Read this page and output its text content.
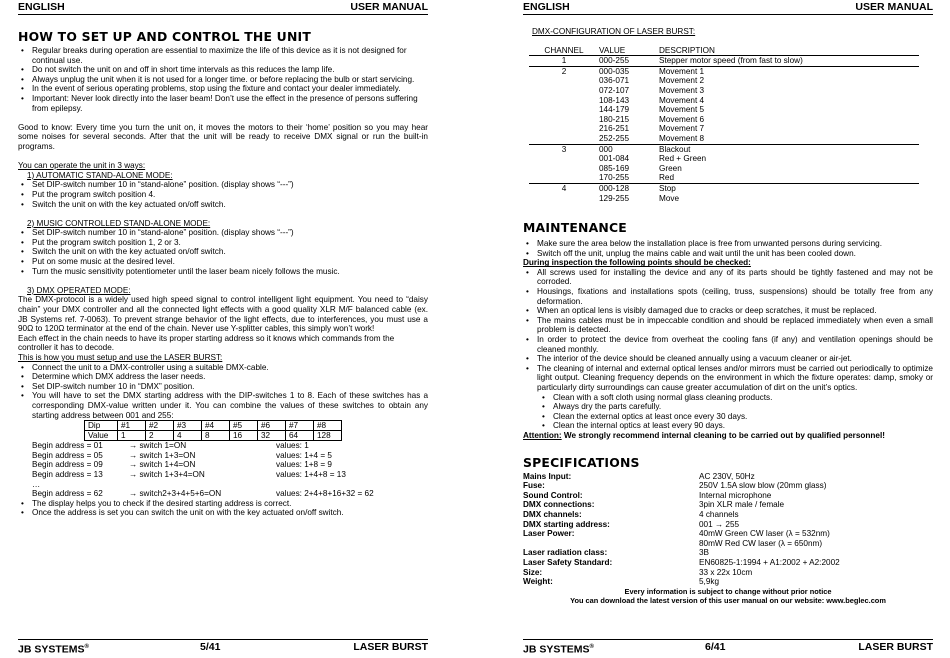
ENGLISH	USER MANUAL
HOW TO SET UP AND CONTROL THE UNIT
• Regular breaks during operation are essential to maximize the life of this device as it is not designed for continual use.
• Do not switch the unit on and off in short time intervals as this reduces the lamp life.
• Always unplug the unit when it is not used for a longer time. or before replacing the bulb or start servicing.
• In the event of serious operating problems, stop using the fixture and contact your dealer immediately.
• Important: Never look directly into the laser beam! Don’t use the effect in the presence of persons suffering from epilepsy.

Good to know: Every time you turn the unit on, it moves the motors to their ‘home’ position so you may hear some noises for several seconds. After that the unit will be ready to receive DMX signal or run the built-in programs.

You can operate the unit in 3 ways:

1) AUTOMATIC STAND-ALONE MODE:

• Set DIP-switch number 10 in “stand-alone” position. (display shows “---”)
• Put the program switch position 4.
• Switch the unit on with the key actuated on/off switch.

2) MUSIC CONTROLLED STAND-ALONE MODE:

• Set DIP-switch number 10 in “stand-alone” position. (display shows “---”)
• Put the program switch position 1, 2 or 3.
• Switch the unit on with the key actuated on/off switch.
• Put on some music at the desired level.
• Turn the music sensitivity potentiometer until the laser beam nicely follows the music.

3) DMX OPERATED MODE:

The DMX-protocol is a widely used high speed signal to control intelligent light equipment. You need to “daisy chain” your DMX controller and all the connected light effects with a good quality XLR M/F balanced cable (ex. JB Systems ref. 7-0063). To prevent strange behavior of the light effects, due to interferences, you must use a 90Ω to 120Ω terminator at the end of the chain. Never use Y-splitter cables, this simply won’t work!

Each effect in the chain needs to have its proper starting address so it knows which commands from the controller it has to decode.

This is how you must setup and use the LASER BURST:

• Connect the unit to a DMX-controller using a suitable DMX-cable.
• Determine which DMX address the laser needs.
• Set DIP-switch number 10 in “DMX” position.
• You will have to set the DMX starting address with the DIP-switches 1 to 8. Each of these switches has a corresponding DMX-value written under it. You can combine the values of these switches to obtain any starting address between 001 and 255:
Dip	#1	#2	#3	#4	#5	#6	#7	#8
Value	1	2	4	8	16	32	64	128
Begin address = 01	→ switch 1=ON	values: 1
Begin address = 05	→ switch 1+3=ON	values: 1+4 = 5
Begin address = 09	→ switch 1+4=ON	values: 1+8 = 9
Begin address = 13	→ switch 1+3+4=ON	values: 1+4+8 = 13
…
Begin address = 62	→ switch2+3+4+5+6=ON	values: 2+4+8+16+32 = 62
• The display helps you to check if the desired starting address is correct.
• Once the address is set you can switch the unit on with the key actuated on/off switch.
JB SYSTEMS®	5/41	LASER BURST
ENGLISH	USER MANUAL

DMX-CONFIGURATION OF LASER BURST:

CHANNEL	VALUE	DESCRIPTION
1	000-255	Stepper motor speed (from fast to slow)
2	000-035	Movement 1
	036-071	Movement 2
	072-107	Movement 3
	108-143	Movement 4
	144-179	Movement 5
	180-215	Movement 6
	216-251	Movement 7
	252-255	Movement 8
3	000	Blackout
	001-084	Red + Green
	085-169	Green
	170-255	Red
4	000-128	Stop
	129-255	Move
MAINTENANCE
• Make sure the area below the installation place is free from unwanted persons during servicing.
• Switch off the unit, unplug the mains cable and wait until the unit has been cooled down.

During inspection the following points should be checked:

• All screws used for installing the device and any of its parts should be tightly fastened and may not be corroded.
• Housings, fixations and installations spots (ceiling, truss, suspensions) should be totally free from any deformation.
• When an optical lens is visibly damaged due to cracks or deep scratches, it must be replaced.
• The mains cables must be in impeccable condition and should be replaced immediately when even a small problem is detected.
• In order to protect the device from overheat the cooling fans (if any) and ventilation openings should be cleaned monthly.
• The interior of the device should be cleaned annually using a vacuum cleaner or air-jet.
• The cleaning of internal and external optical lenses and/or mirrors must be carried out periodically to optimize light output. Cleaning frequency depends on the environment in which the fixture operates: damp, smoky or particularly dirty surroundings can cause greater accumulation of dirt on the unit’s optics.
• Clean with a soft cloth using normal glass cleaning products.
• Always dry the parts carefully.
• Clean the external optics at least once every 30 days.
• Clean the internal optics at least every 90 days.

Attention: We strongly recommend internal cleaning to be carried out by qualified personnel!

SPECIFICATIONS
Mains Input:	AC 230V, 50Hz
Fuse:	250V 1.5A slow blow (20mm glass)
Sound Control:	Internal microphone
DMX connections:	3pin XLR male / female
DMX channels:	4 channels
DMX starting address:	001 → 255
Laser Power:	40mW Green CW laser (λ = 532nm)
	80mW Red CW laser (λ = 650nm)
Laser radiation class:	3B
Laser Safety Standard:	EN60825-1:1994 + A1:2002 + A2:2002
Size:	33 x 22x 10cm
Weight:	5,9kg

Every information is subject to change without prior notice

You can download the latest version of this user manual on our website: www.beglec.com

JB SYSTEMS®	6/41	LASER BURST
